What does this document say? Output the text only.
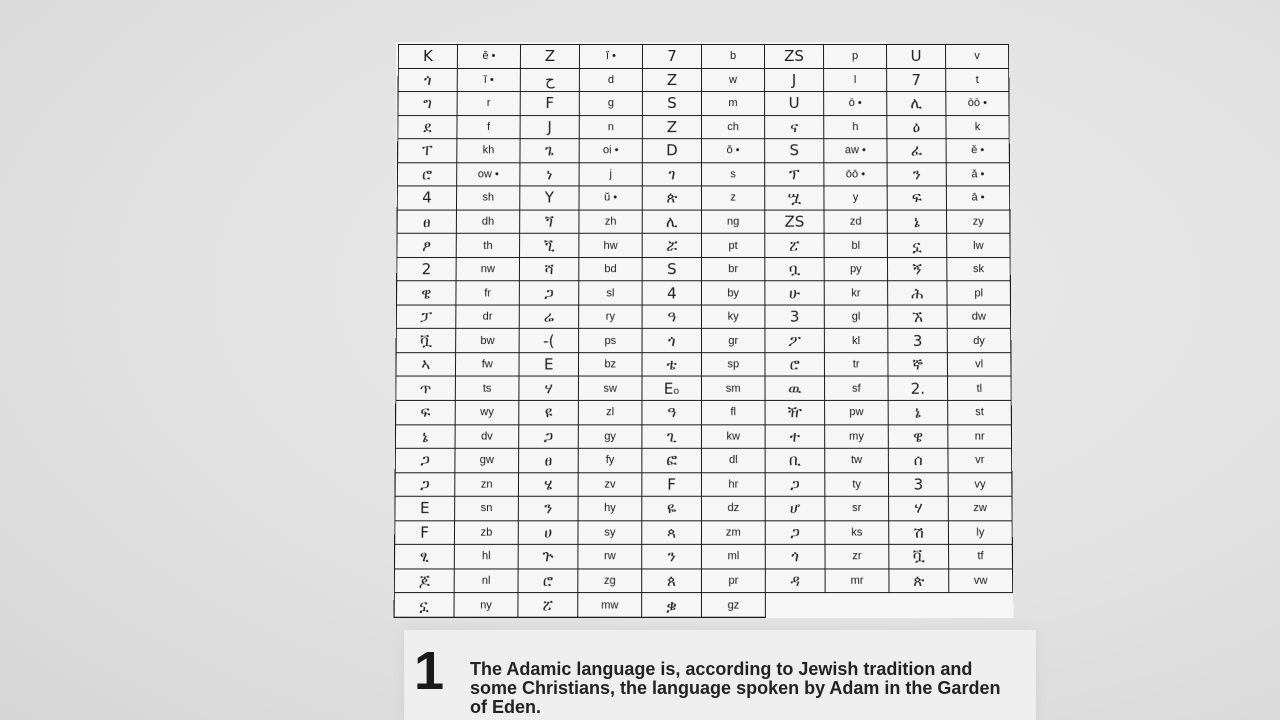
K	ĕ •	Z	ĭ •	7	b	ZS	p	U	v
ጎ	ĭ •	ح	d	Z	w	J	l	7	t
ግ	r	F	g	S	m	U	ō •	ሊ	ōō •
ደ	f	J	n	Z	ch	ና	h	ዕ	k
ፐ	kh	ጌ	oi •	D	ŏ •	S	aw •	ፈ	ĕ •
ሮ	ow •	ነ	j	ገ	s	ፕ	ōō •	ን	ǎ •
4	sh	Y	ŭ •	ጵ	z	ሧ	y	ፍ	ā •
ፀ	dh	ጘ	zh	ሊ	ng	ZS	zd	ኔ	zy
ፆ	th	ጚ	hw	ሯ	pt	ፘ	bl	ኗ	lw
2	nw	ሻ	bd	S	br	ቧ	py	ኝ	sk
ዌ	fr	ጋ	sl	4	by	ሁ	kr	ሕ	pl
ፓ	dr	ሬ	ry	ዓ	ky	3	gl	ኧ	dw
ቯ	bw	-(	ps	ጎ	gr	ፖ	kl	3	dy
ኣ	fw	E	bz	ቴ	sp	ሮ	tr	ኞ	vl
ጥ	ts	ሃ	sw	Eₒ	sm	ዉ	sf	2.	tl
ፍ	wy	ዩ	zl	ዓ	fl	ዥ	pw	ኔ	st
ኔ	dv	ጋ	gy	ጊ	kw	ተ	my	ዌ	nr
ጋ	gw	ፀ	fy	ፎ	dl	ቢ	tw	ሰ	vr
ጋ	zn	ሄ	zv	F	hr	ጋ	ty	3	vy
E	sn	ን	hy	ዬ	dz	ሆ	sr	ሃ	zw
F	zb	ሀ	sy	ጳ	zm	ጋ	ks	ሽ	ly
ፂ	hl	ጕ	rw	ን	ml	ጎ	zr	ቯ	tf
ጆ	nl	ሮ	zg	ጰ	pr	ዳ	mr	ጵ	vw
ኗ	ny	ፘ	mw	ቌ	gz				
1 The Adamic language is, according to Jewish tradition and some Christians, the language spoken by Adam in the Garden of Eden.
